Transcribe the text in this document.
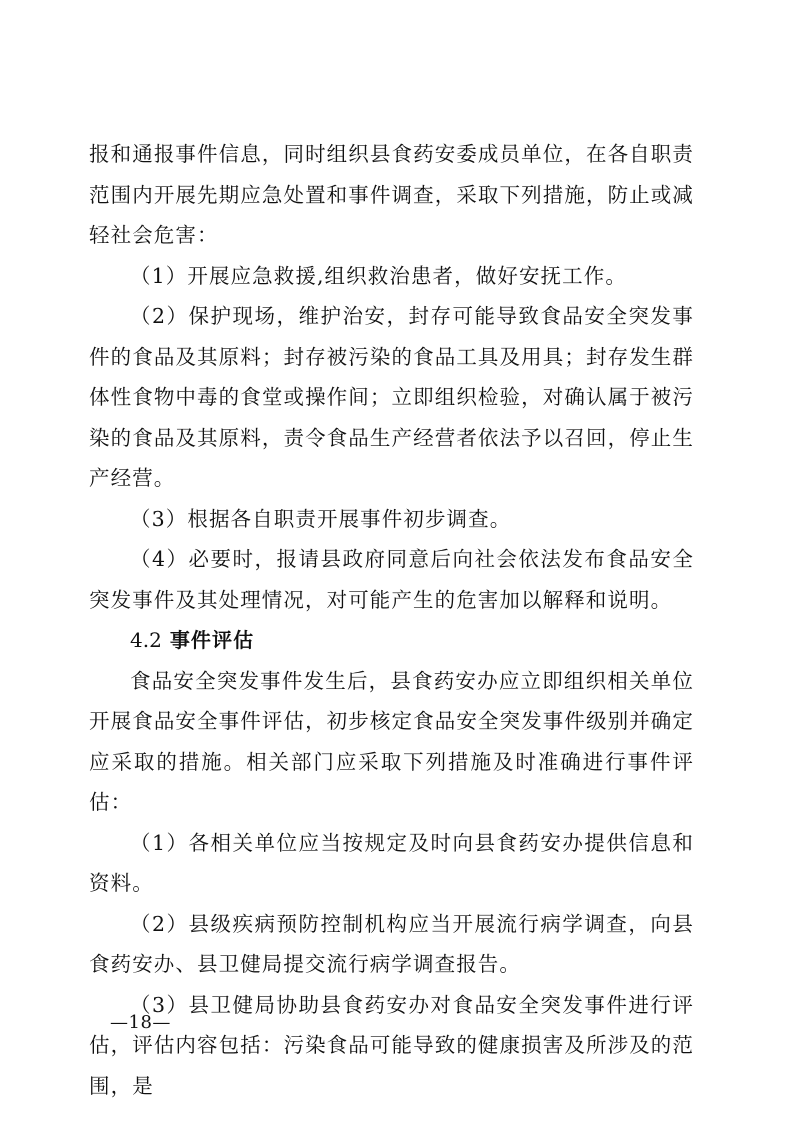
报和通报事件信息，同时组织县食药安委成员单位，在各自职责范围内开展先期应急处置和事件调查，采取下列措施，防止或减轻社会危害：

（1）开展应急救援,组织救治患者，做好安抚工作。

（2）保护现场，维护治安，封存可能导致食品安全突发事件的食品及其原料；封存被污染的食品工具及用具；封存发生群体性食物中毒的食堂或操作间；立即组织检验，对确认属于被污染的食品及其原料，责令食品生产经营者依法予以召回，停止生产经营。

（3）根据各自职责开展事件初步调查。

（4）必要时，报请县政府同意后向社会依法发布食品安全突发事件及其处理情况，对可能产生的危害加以解释和说明。

4.2 事件评估

食品安全突发事件发生后，县食药安办应立即组织相关单位开展食品安全事件评估，初步核定食品安全突发事件级别并确定应采取的措施。相关部门应采取下列措施及时准确进行事件评估：

（1）各相关单位应当按规定及时向县食药安办提供信息和资料。

（2）县级疾病预防控制机构应当开展流行病学调查，向县食药安办、县卫健局提交流行病学调查报告。

（3）县卫健局协助县食药安办对食品安全突发事件进行评估，评估内容包括：污染食品可能导致的健康损害及所涉及的范围，是

—18—
